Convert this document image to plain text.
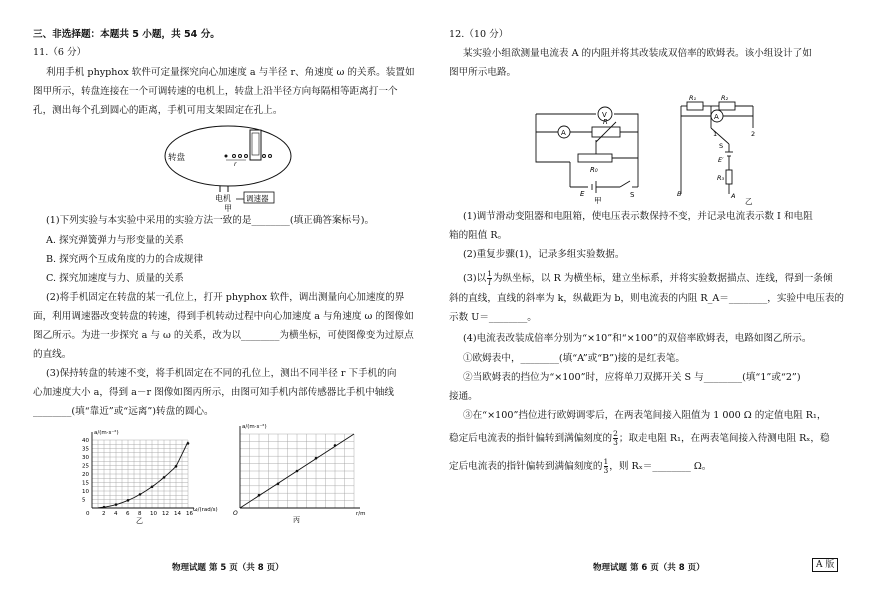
三、非选择题：本题共 5 小题，共 54 分。
11.（6 分）
利用手机 phyphox 软件可定量探究向心加速度 a 与半径 r、角速度 ω 的关系。装置如
图甲所示，转盘连接在一个可调转速的电机上，转盘上沿半径方向每隔相等距离打一个
孔，测出每个孔到圆心的距离，手机可用支架固定在孔上。
转盘
r
电机 调速器
甲
(1)下列实验与本实验中采用的实验方法一致的是________(填正确答案标号)。
A. 探究弹簧弹力与形变量的关系
B. 探究两个互成角度的力的合成规律
C. 探究加速度与力、质量的关系
(2)将手机固定在转盘的某一孔位上，打开 phyphox 软件，调出测量向心加速度的界
面，利用调速器改变转盘的转速，得到手机转动过程中向心加速度 a 与角速度 ω 的图像如
图乙所示。为进一步探究 a 与 ω 的关系，改为以________为横坐标，可使图像变为过原点
的直线。
(3)保持转盘的转速不变，将手机固定在不同的孔位上，测出不同半径 r 下手机的向
心加速度大小 a，得到 a－r 图像如图丙所示，由图可知手机内部传感器比手机中轴线
________(填“靠近”或“远离”)转盘的圆心。
a/(m·s⁻²)
ω/(rad/s)
0 2 4 6 8 10 12 14 16
5
10
15
20
25
30
35
40
乙
a/(m·s⁻²)
r/m
O
丙
物理试题 第 5 页（共 8 页）
12.（10 分）
某实验小组欲测量电流表 A 的内阻并将其改装成双倍率的欧姆表。该小组设计了如
图甲所示电路。
V
A
R
R₀
E	S
甲
A
R₁	R₂
1	2
S
E′
R₃
A
B
乙
(1)调节滑动变阻器和电阻箱，使电压表示数保持不变，并记录电流表示数 I 和电阻
箱的阻值 R。
(2)重复步骤(1)，记录多组实验数据。
(3)以 $\frac{1}{I}$ 为纵坐标，以 R 为横坐标，建立坐标系，并将实验数据描点、连线，得到一条倾
斜的直线，直线的斜率为 k，纵截距为 b，则电流表的内阻 R_A＝________，实验中电压表的
示数 U＝________。
(4)电流表改装成倍率分别为“×10”和“×100”的双倍率欧姆表，电路如图乙所示。
①欧姆表中，________(填“A”或“B”)接的是红表笔。
②当欧姆表的挡位为“×100”时，应将单刀双掷开关 S 与________(填“1”或“2”)
接通。
③在“×100”挡位进行欧姆调零后，在两表笔间接入阻值为 1 000 Ω 的定值电阻 R₁，
稳定后电流表的指针偏转到满偏刻度的 $\frac{2}{3}$ ；取走电阻 R₁，在两表笔间接入待测电阻 Rₓ，稳
定后电流表的指针偏转到满偏刻度的 $\frac{1}{3}$ ，则 Rₓ＝________ Ω。
物理试题 第 6 页（共 8 页）	A 版
